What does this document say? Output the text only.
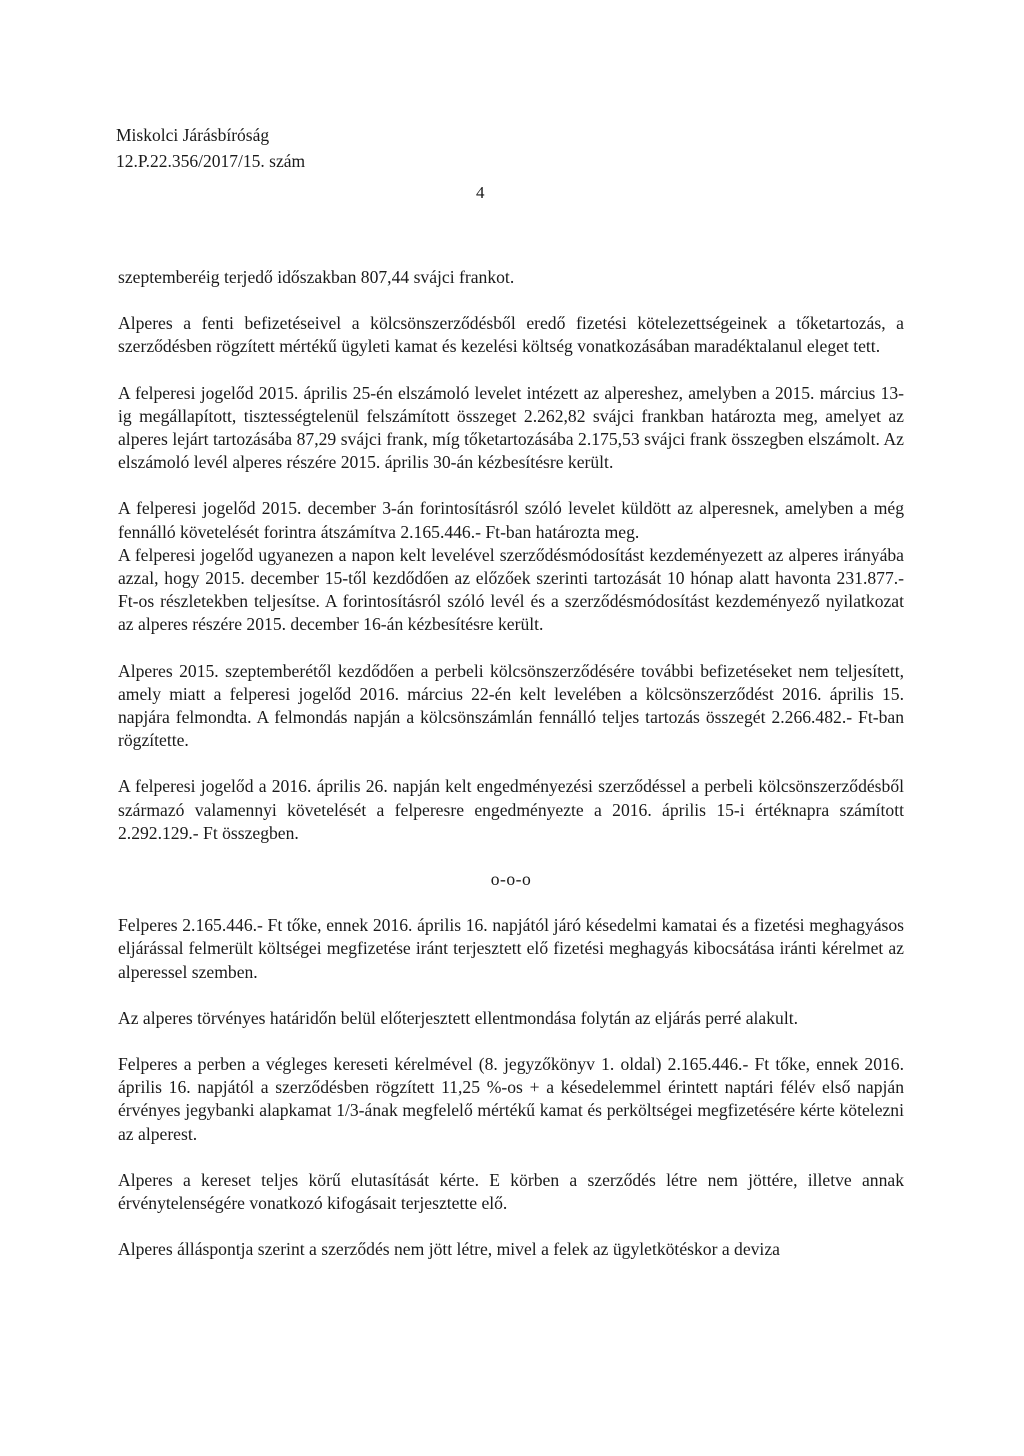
Miskolci Járásbíróság
12.P.22.356/2017/15. szám
4

szeptemberéig terjedő időszakban 807,44 svájci frankot.

Alperes a fenti befizetéseivel a kölcsönszerződésből eredő fizetési kötelezettségeinek a tőketartozás, a szerződésben rögzített mértékű ügyleti kamat és kezelési költség vonatkozásában maradéktalanul eleget tett.

A felperesi jogelőd 2015. április 25-én elszámoló levelet intézett az alpereshez, amelyben a 2015. március 13-ig megállapított, tisztességtelenül felszámított összeget 2.262,82 svájci frankban határozta meg, amelyet az alperes lejárt tartozásába 87,29 svájci frank, míg tőketartozásába 2.175,53 svájci frank összegben elszámolt. Az elszámoló levél alperes részére 2015. április 30-án kézbesítésre került.

A felperesi jogelőd 2015. december 3-án forintosításról szóló levelet küldött az alperesnek, amelyben a még fennálló követelését forintra átszámítva 2.165.446.- Ft-ban határozta meg.

A felperesi jogelőd ugyanezen a napon kelt levelével szerződésmódosítást kezdeményezett az alperes irányába azzal, hogy 2015. december 15-től kezdődően az előzőek szerinti tartozását 10 hónap alatt havonta 231.877.- Ft-os részletekben teljesítse. A forintosításról szóló levél és a szerződésmódosítást kezdeményező nyilatkozat az alperes részére 2015. december 16-án kézbesítésre került.

Alperes 2015. szeptemberétől kezdődően a perbeli kölcsönszerződésére további befizetéseket nem teljesített, amely miatt a felperesi jogelőd 2016. március 22-én kelt levelében a kölcsönszerződést 2016. április 15. napjára felmondta. A felmondás napján a kölcsönszámlán fennálló teljes tartozás összegét 2.266.482.- Ft-ban rögzítette.

A felperesi jogelőd a 2016. április 26. napján kelt engedményezési szerződéssel a perbeli kölcsönszerződésből származó valamennyi követelését a felperesre engedményezte a 2016. április 15-i értéknapra számított 2.292.129.- Ft összegben.

o-o-o

Felperes 2.165.446.- Ft tőke, ennek 2016. április 16. napjától járó késedelmi kamatai és a fizetési meghagyásos eljárással felmerült költségei megfizetése iránt terjesztett elő fizetési meghagyás kibocsátása iránti kérelmet az alperessel szemben.

Az alperes törvényes határidőn belül előterjesztett ellentmondása folytán az eljárás perré alakult.

Felperes a perben a végleges kereseti kérelmével (8. jegyzőkönyv 1. oldal) 2.165.446.- Ft tőke, ennek 2016. április 16. napjától a szerződésben rögzített 11,25 %-os + a késedelemmel érintett naptári félév első napján érvényes jegybanki alapkamat 1/3-ának megfelelő mértékű kamat és perköltségei megfizetésére kérte kötelezni az alperest.

Alperes a kereset teljes körű elutasítását kérte. E körben a szerződés létre nem jöttére, illetve annak érvénytelenségére vonatkozó kifogásait terjesztette elő.

Alperes álláspontja szerint a szerződés nem jött létre, mivel a felek az ügyletkötéskor a deviza
